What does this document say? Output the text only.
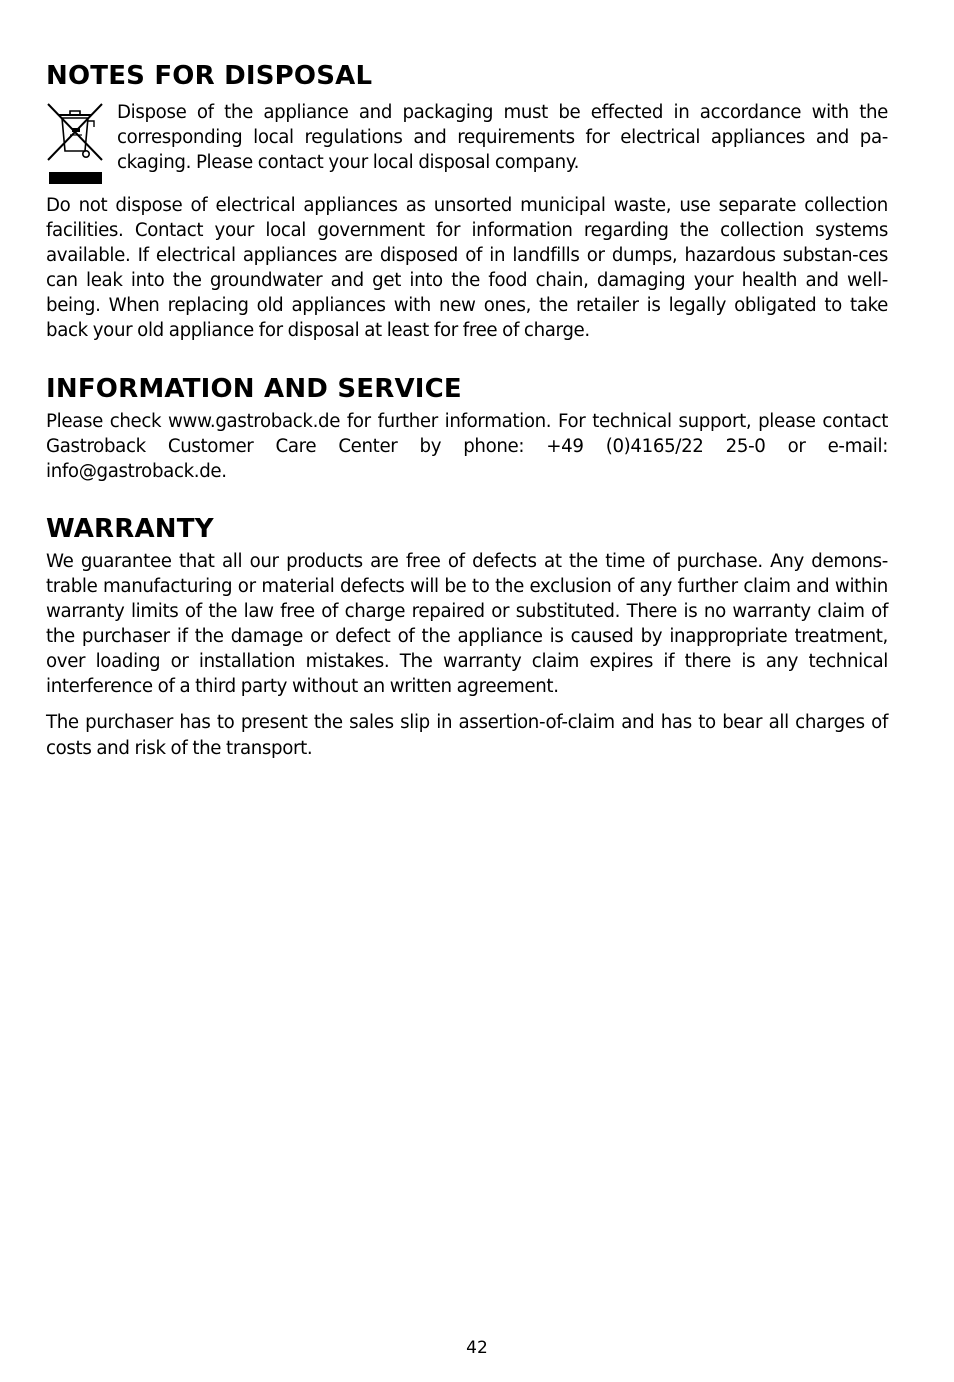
NOTES FOR DISPOSAL

Dispose of the appliance and packaging must be effected in accordance with the corresponding local regulations and requirements for electrical appliances and pa-ckaging. Please contact your local disposal company.

Do not dispose of electrical appliances as unsorted municipal waste, use separate collection facilities. Contact your local government for information regarding the collection systems available. If electrical appliances are disposed of in landfills or dumps, hazardous substan-ces can leak into the groundwater and get into the food chain, damaging your health and well-being. When replacing old appliances with new ones, the retailer is legally obligated to take back your old appliance for disposal at least for free of charge.

INFORMATION AND SERVICE

Please check www.gastroback.de for further information. For technical support, please contact Gastroback Customer Care Center by phone: +49 (0)4165/22 25-0 or e-mail: info@gastroback.de.

WARRANTY

We guarantee that all our products are free of defects at the time of purchase. Any demons-trable manufacturing or material defects will be to the exclusion of any further claim and within warranty limits of the law free of charge repaired or substituted. There is no warranty claim of the purchaser if the damage or defect of the appliance is caused by inappropriate treatment, over loading or installation mistakes. The warranty claim expires if there is any technical interference of a third party without an written agreement.

The purchaser has to present the sales slip in assertion-of-claim and has to bear all charges of costs and risk of the transport.

42
